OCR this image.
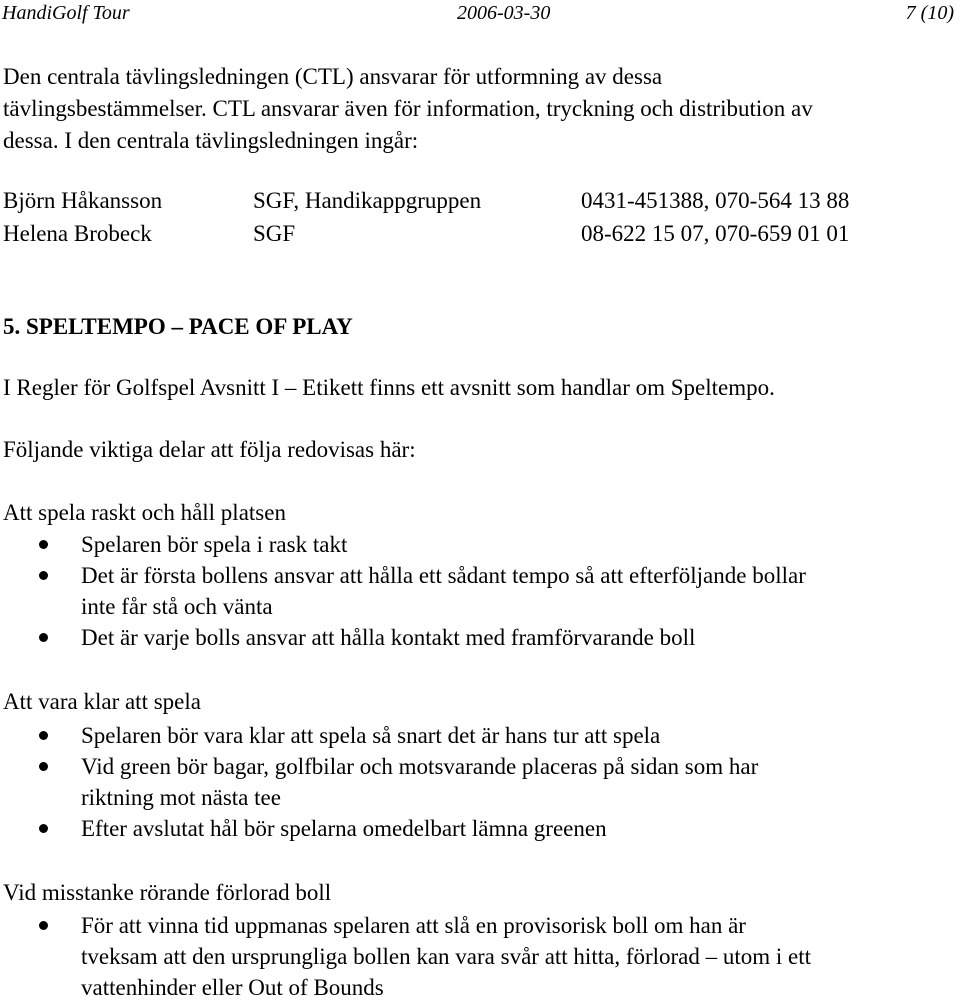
HandiGolf Tour	2006-03-30	7 (10)
Den centrala tävlingsledningen (CTL) ansvarar för utformning av dessa
tävlingsbestämmelser. CTL ansvarar även för information, tryckning och distribution av
dessa. I den centrala tävlingsledningen ingår:
Björn Håkansson	SGF, Handikappgruppen	0431-451388, 070-564 13 88
Helena Brobeck	SGF	08-622 15 07, 070-659 01 01
5. SPELTEMPO – PACE OF PLAY
I Regler för Golfspel Avsnitt I – Etikett finns ett avsnitt som handlar om Speltempo.
Följande viktiga delar att följa redovisas här:
Att spela raskt och håll platsen
Spelaren bör spela i rask takt
Det är första bollens ansvar att hålla ett sådant tempo så att efterföljande bollar
inte får stå och vänta
Det är varje bolls ansvar att hålla kontakt med framförvarande boll
Att vara klar att spela
Spelaren bör vara klar att spela så snart det är hans tur att spela
Vid green bör bagar, golfbilar och motsvarande placeras på sidan som har
riktning mot nästa tee
Efter avslutat hål bör spelarna omedelbart lämna greenen
Vid misstanke rörande förlorad boll
För att vinna tid uppmanas spelaren att slå en provisorisk boll om han är
tveksam att den ursprungliga bollen kan vara svår att hitta, förlorad – utom i ett
vattenhinder eller Out of Bounds
